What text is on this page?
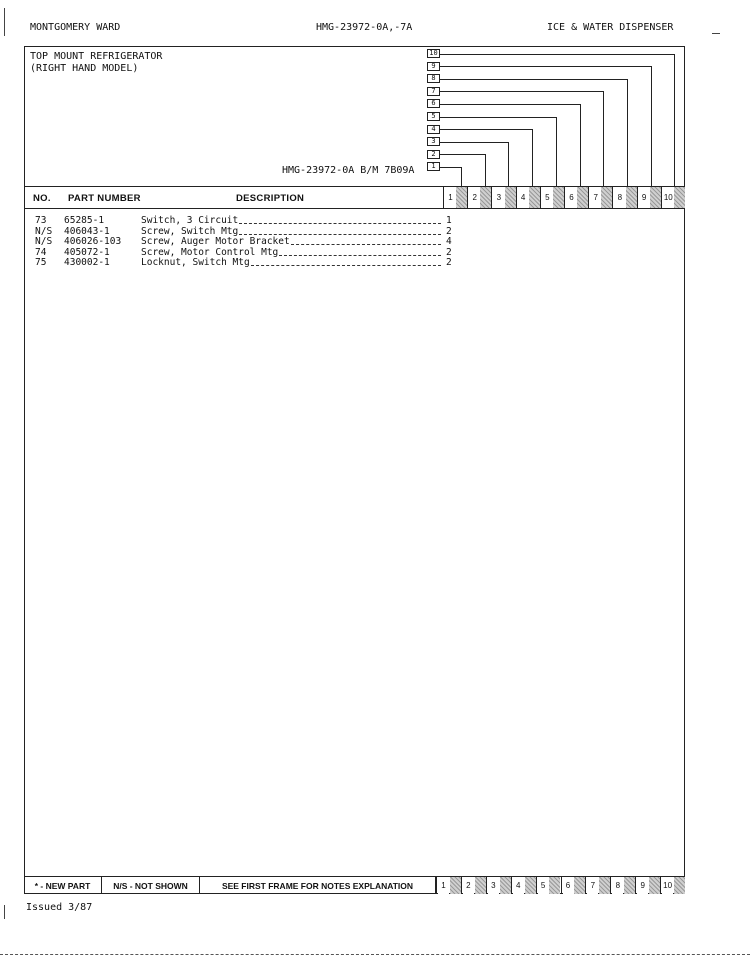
MONTGOMERY WARD	HMG-23972-0A,-7A	ICE & WATER DISPENSER
TOP MOUNT REFRIGERATOR
(RIGHT HAND MODEL)
HMG-23972-0A B/M 7B09A
10
9
8
7
6
5
4
3
2
1
NO. PART NUMBER	DESCRIPTION	1	2	3	4	5	6	7	8	9	10
73 65285-1	Switch, 3 Circuit	1
N/S 406043-1	Screw, Switch Mtg	2
N/S 406026-103 Screw, Auger Motor Bracket	4
74 405072-1	Screw, Motor Control Mtg	2
75 430002-1	Locknut, Switch Mtg	2
* - NEW PART	N/S - NOT SHOWN	SEE FIRST FRAME FOR NOTES EXPLANATION	1	2	3	4	5	6	7	8	9	10
Issued 3/87
